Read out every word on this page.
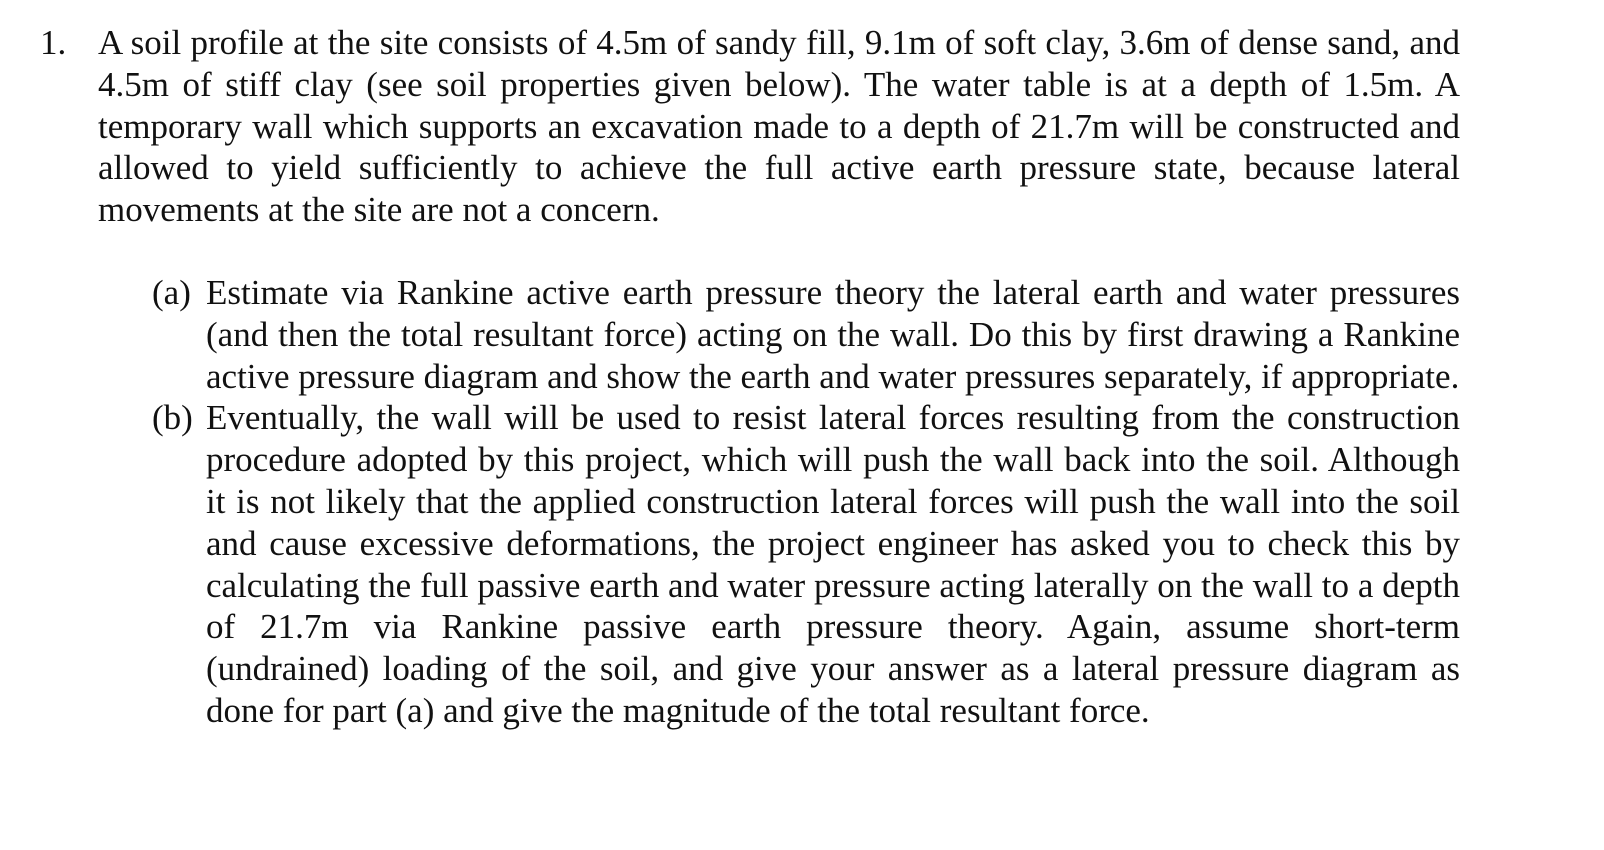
1. A soil profile at the site consists of 4.5m of sandy fill, 9.1m of soft clay, 3.6m of dense sand, and 4.5m of stiff clay (see soil properties given below). The water table is at a depth of 1.5m. A temporary wall which supports an excavation made to a depth of 21.7m will be constructed and allowed to yield sufficiently to achieve the full active earth pressure state, because lateral movements at the site are not a concern.
(a) Estimate via Rankine active earth pressure theory the lateral earth and water pressures (and then the total resultant force) acting on the wall. Do this by first drawing a Rankine active pressure diagram and show the earth and water pressures separately, if appropriate.
(b) Eventually, the wall will be used to resist lateral forces resulting from the construction procedure adopted by this project, which will push the wall back into the soil. Although it is not likely that the applied construction lateral forces will push the wall into the soil and cause excessive deformations, the project engineer has asked you to check this by calculating the full passive earth and water pressure acting laterally on the wall to a depth of 21.7m via Rankine passive earth pressure theory. Again, assume short-term (undrained) loading of the soil, and give your answer as a lateral pressure diagram as done for part (a) and give the magnitude of the total resultant force.
